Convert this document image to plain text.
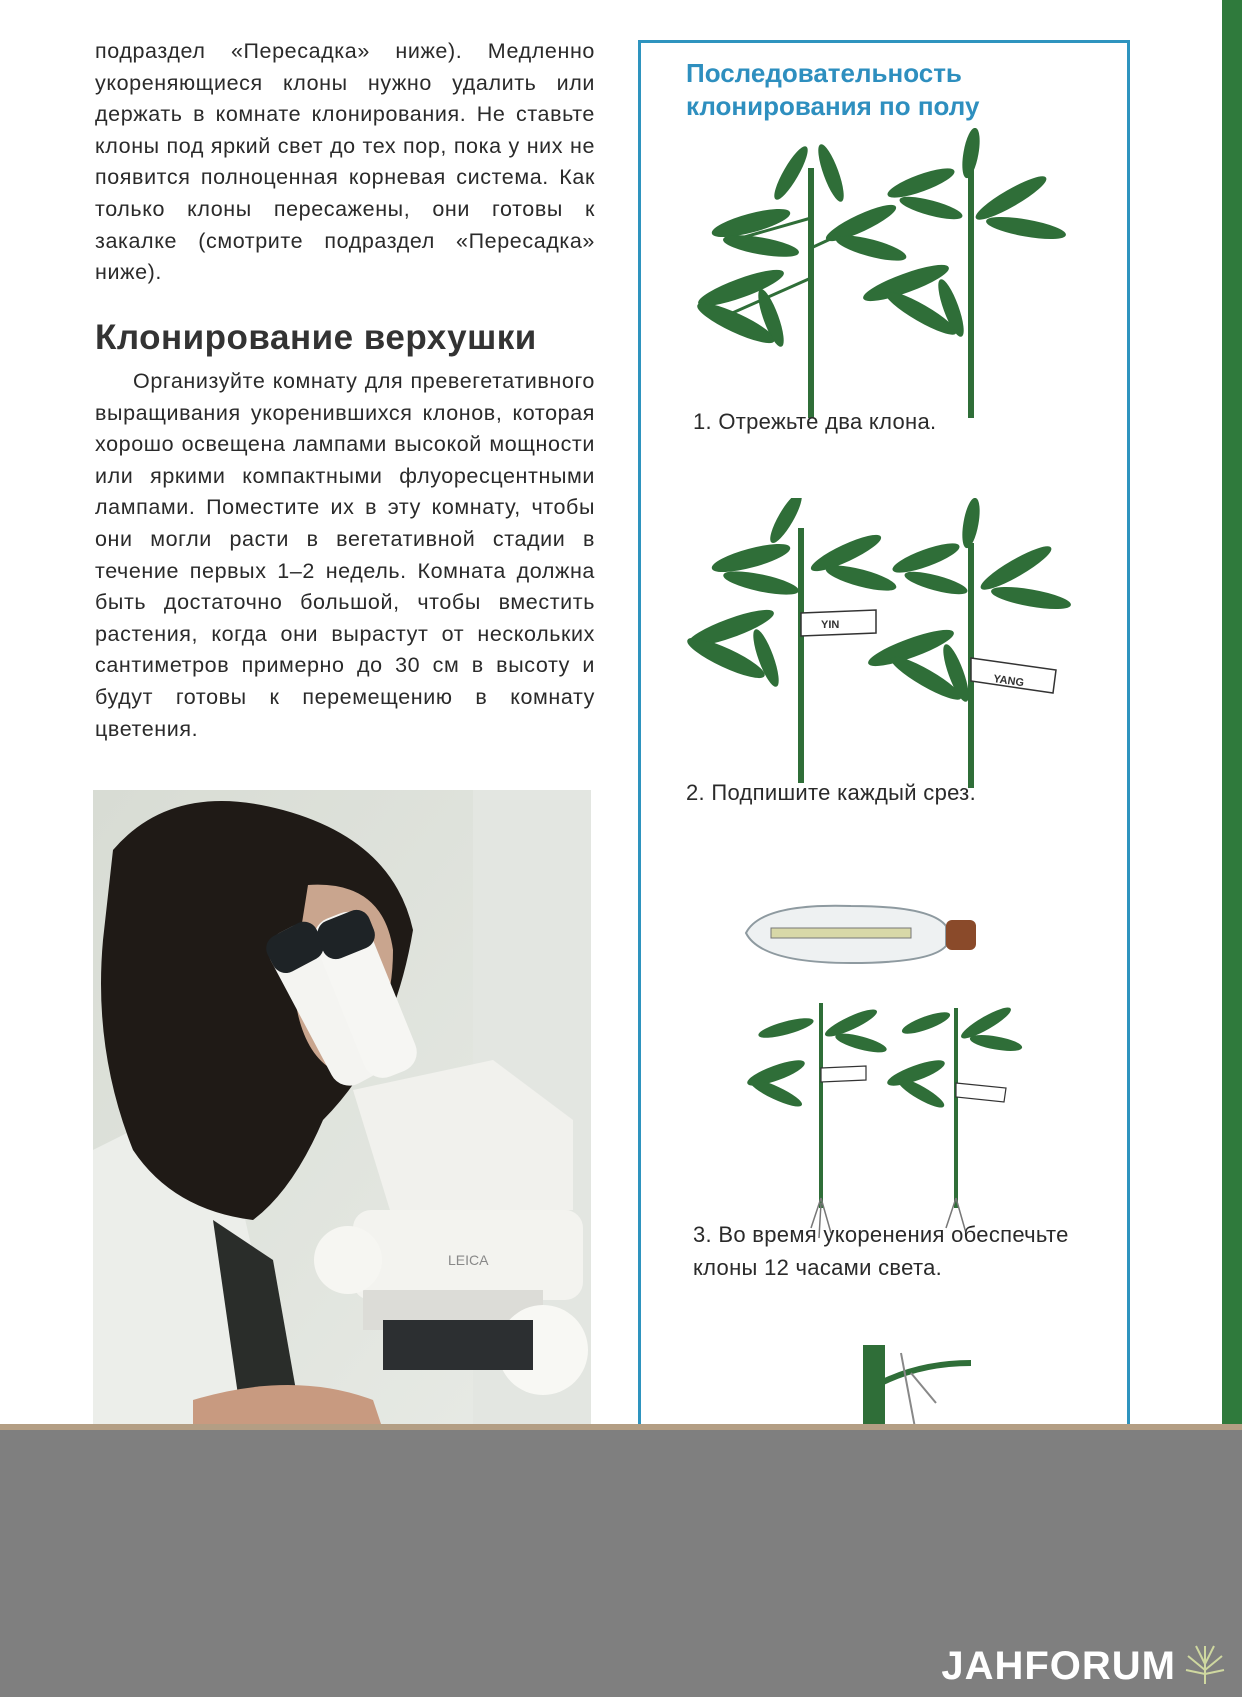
подраздел «Пересадка» ниже). Медленно укореняющиеся клоны нужно удалить или держать в комнате клонирования. Не ставьте клоны под яркий свет до тех пор, пока у них не появится полноценная корневая система. Как только клоны пересажены, они готовы к закалке (смотрите подраздел «Пересадка» ниже).

Клонирование верхушки

Организуйте комнату для превегетативного выращивания укоренившихся клонов, которая хорошо освещена лампами высокой мощности или яркими компактными флуоресцентными лампами. Поместите их в эту комнату, чтобы они могли расти в вегетативной стадии в течение первых 1–2 недель. Комната должна быть достаточно большой, чтобы вместить растения, когда они вырастут от нескольких сантиметров примерно до 30 см в высоту и будут готовы к перемещению в комнату цветения.

LEICA

Последовательность
клонирования по полу

1. Отрежьте два клона.

YIN
YANG

2. Подпишите каждый срез.

3. Во время укоренения обеспечьте
клоны 12 часами света.

JAHFORUM
